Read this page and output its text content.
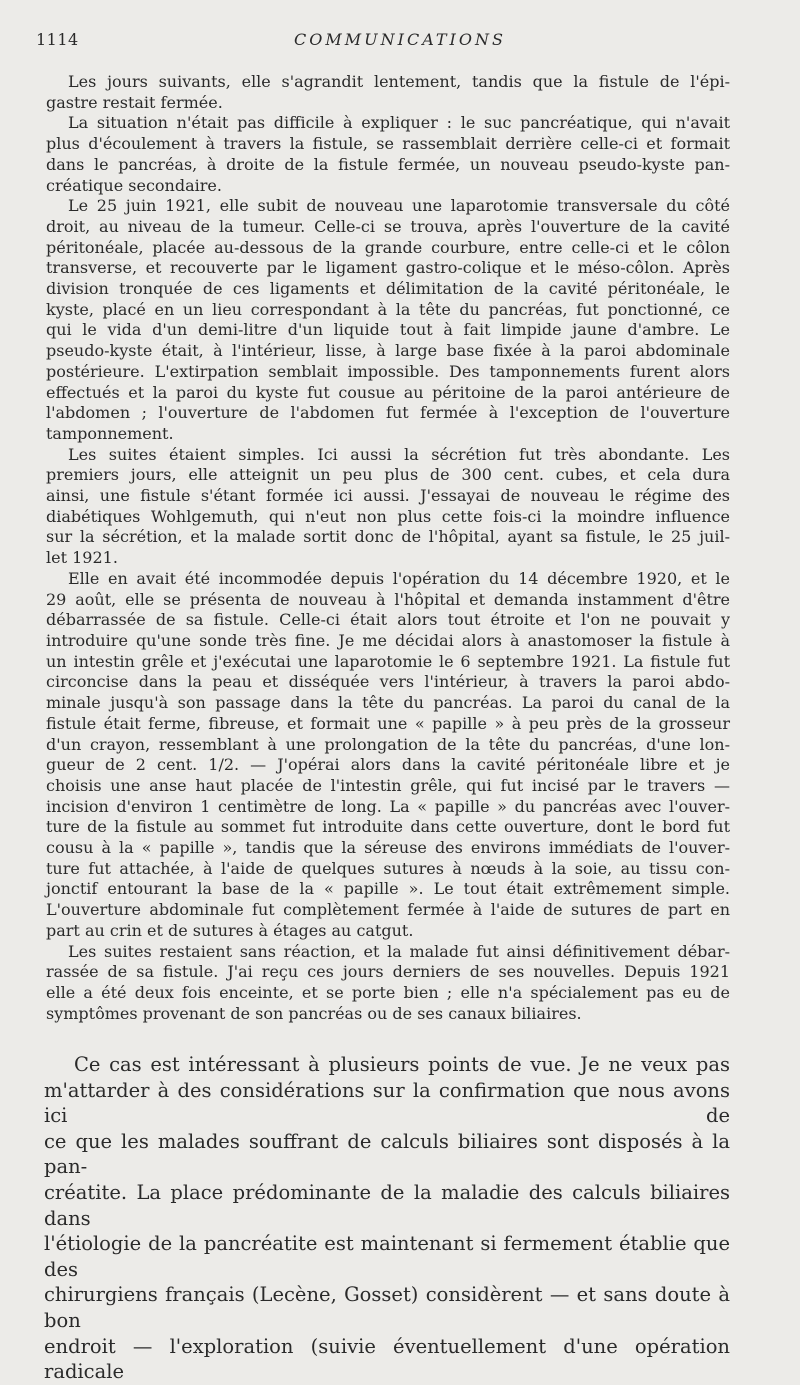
1114	COMMUNICATIONS
Les jours suivants, elle s'agrandit lentement, tandis que la fistule de l'épi-
gastre restait fermée.
La situation n'était pas difficile à expliquer : le suc pancréatique, qui n'avait
plus d'écoulement à travers la fistule, se rassemblait derrière celle-ci et formait
dans le pancréas, à droite de la fistule fermée, un nouveau pseudo-kyste pan-
créatique secondaire.
Le 25 juin 1921, elle subit de nouveau une laparotomie transversale du côté
droit, au niveau de la tumeur. Celle-ci se trouva, après l'ouverture de la cavité
péritonéale, placée au-dessous de la grande courbure, entre celle-ci et le côlon
transverse, et recouverte par le ligament gastro-colique et le méso-côlon. Après
division tronquée de ces ligaments et délimitation de la cavité péritonéale, le
kyste, placé en un lieu correspondant à la tête du pancréas, fut ponctionné, ce
qui le vida d'un demi-litre d'un liquide tout à fait limpide jaune d'ambre. Le
pseudo-kyste était, à l'intérieur, lisse, à large base fixée à la paroi abdominale
postérieure. L'extirpation semblait impossible. Des tamponnements furent alors
effectués et la paroi du kyste fut cousue au péritoine de la paroi antérieure de
l'abdomen ; l'ouverture de l'abdomen fut fermée à l'exception de l'ouverture
tamponnement.
Les suites étaient simples. Ici aussi la sécrétion fut très abondante. Les
premiers jours, elle atteignit un peu plus de 300 cent. cubes, et cela dura
ainsi, une fistule s'étant formée ici aussi. J'essayai de nouveau le régime des
diabétiques Wohlgemuth, qui n'eut non plus cette fois-ci la moindre influence
sur la sécrétion, et la malade sortit donc de l'hôpital, ayant sa fistule, le 25 juil-
let 1921.
Elle en avait été incommodée depuis l'opération du 14 décembre 1920, et le
29 août, elle se présenta de nouveau à l'hôpital et demanda instamment d'être
débarrassée de sa fistule. Celle-ci était alors tout étroite et l'on ne pouvait y
introduire qu'une sonde très fine. Je me décidai alors à anastomoser la fistule à
un intestin grêle et j'exécutai une laparotomie le 6 septembre 1921. La fistule fut
circoncise dans la peau et disséquée vers l'intérieur, à travers la paroi abdo-
minale jusqu'à son passage dans la tête du pancréas. La paroi du canal de la
fistule était ferme, fibreuse, et formait une « papille » à peu près de la grosseur
d'un crayon, ressemblant à une prolongation de la tête du pancréas, d'une lon-
gueur de 2 cent. 1/2. — J'opérai alors dans la cavité péritonéale libre et je
choisis une anse haut placée de l'intestin grêle, qui fut incisé par le travers —
incision d'environ 1 centimètre de long. La « papille » du pancréas avec l'ouver-
ture de la fistule au sommet fut introduite dans cette ouverture, dont le bord fut
cousu à la « papille », tandis que la séreuse des environs immédiats de l'ouver-
ture fut attachée, à l'aide de quelques sutures à nœuds à la soie, au tissu con-
jonctif entourant la base de la « papille ». Le tout était extrêmement simple.
L'ouverture abdominale fut complètement fermée à l'aide de sutures de part en
part au crin et de sutures à étages au catgut.
Les suites restaient sans réaction, et la malade fut ainsi définitivement débar-
rassée de sa fistule. J'ai reçu ces jours derniers de ses nouvelles. Depuis 1921
elle a été deux fois enceinte, et se porte bien ; elle n'a spécialement pas eu de
symptômes provenant de son pancréas ou de ses canaux biliaires.
Ce cas est intéressant à plusieurs points de vue. Je ne veux pas
m'attarder à des considérations sur la confirmation que nous avons ici de
ce que les malades souffrant de calculs biliaires sont disposés à la pan-
créatite. La place prédominante de la maladie des calculs biliaires dans
l'étiologie de la pancréatite est maintenant si fermement établie que des
chirurgiens français (Lecène, Gosset) considèrent — et sans doute à bon
endroit — l'exploration (suivie éventuellement d'une opération radicale
